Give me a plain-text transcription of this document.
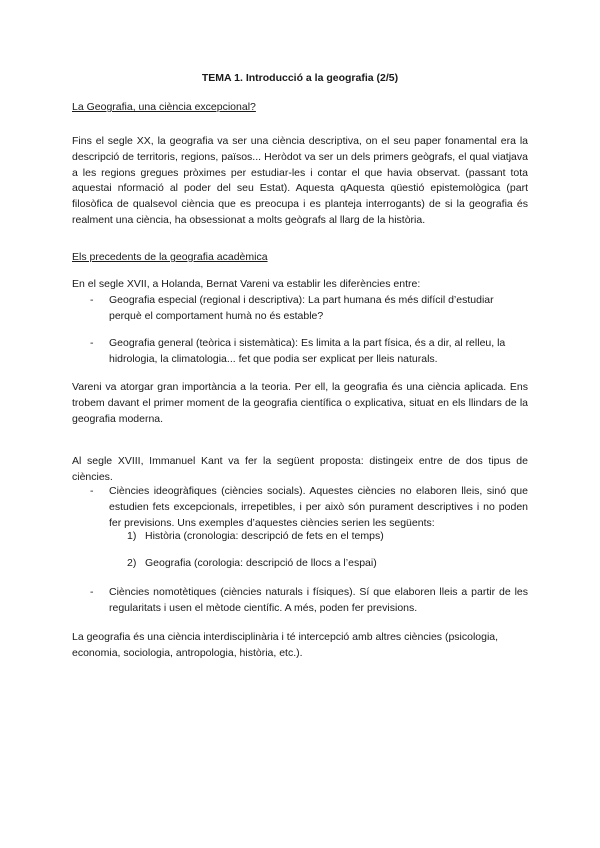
TEMA 1. Introducció a la geografia (2/5)
La Geografia, una ciència excepcional?

Fins el segle XX, la geografia va ser una ciència descriptiva, on el seu paper fonamental era la descripció de territoris, regions, països... Heròdot va ser un dels primers geògrafs, el qual viatjava a les regions gregues pròximes per estudiar-les i contar el que havia observat. (passant tota aquestai nformació al poder del seu Estat). Aquesta qAquesta qüestió epistemològica (part filosòfica de qualsevol ciència que es preocupa i es planteja interrogants) de si la geografia és realment una ciència, ha obsessionat a molts geògrafs al llarg de la història.

Els precedents de la geografia acadèmica
En el segle XVII, a Holanda, Bernat Vareni va establir les diferències entre:
- Geografia especial (regional i descriptiva): La part humana és més difícil d’estudiar perquè el comportament humà no és estable?
- Geografia general (teòrica i sistemàtica): Es limita a la part física, és a dir, al relleu, la hidrologia, la climatologia... fet que podia ser explicat per lleis naturals.

Vareni va atorgar gran importància a la teoria. Per ell, la geografia és una ciència aplicada. Ens trobem davant el primer moment de la geografia científica o explicativa, situat en els llindars de la geografia moderna.

Al segle XVIII, Immanuel Kant va fer la següent proposta: distingeix entre de dos tipus de ciències.

- Ciències ideogràfiques (ciències socials). Aquestes ciències no elaboren lleis, sinó que estudien fets excepcionals, irrepetibles, i per això són purament descriptives i no poden fer previsions. Uns exemples d’aquestes ciències serien les següents:
1) Història (cronologia: descripció de fets en el temps)
2) Geografia (corologia: descripció de llocs a l’espai)
- Ciències nomotètiques (ciències naturals i físiques). Sí que elaboren lleis a partir de les regularitats i usen el mètode científic. A més, poden fer previsions.

La geografia és una ciència interdisciplinària i té intercepció amb altres ciències (psicologia, economia, sociologia, antropologia, història, etc.).
